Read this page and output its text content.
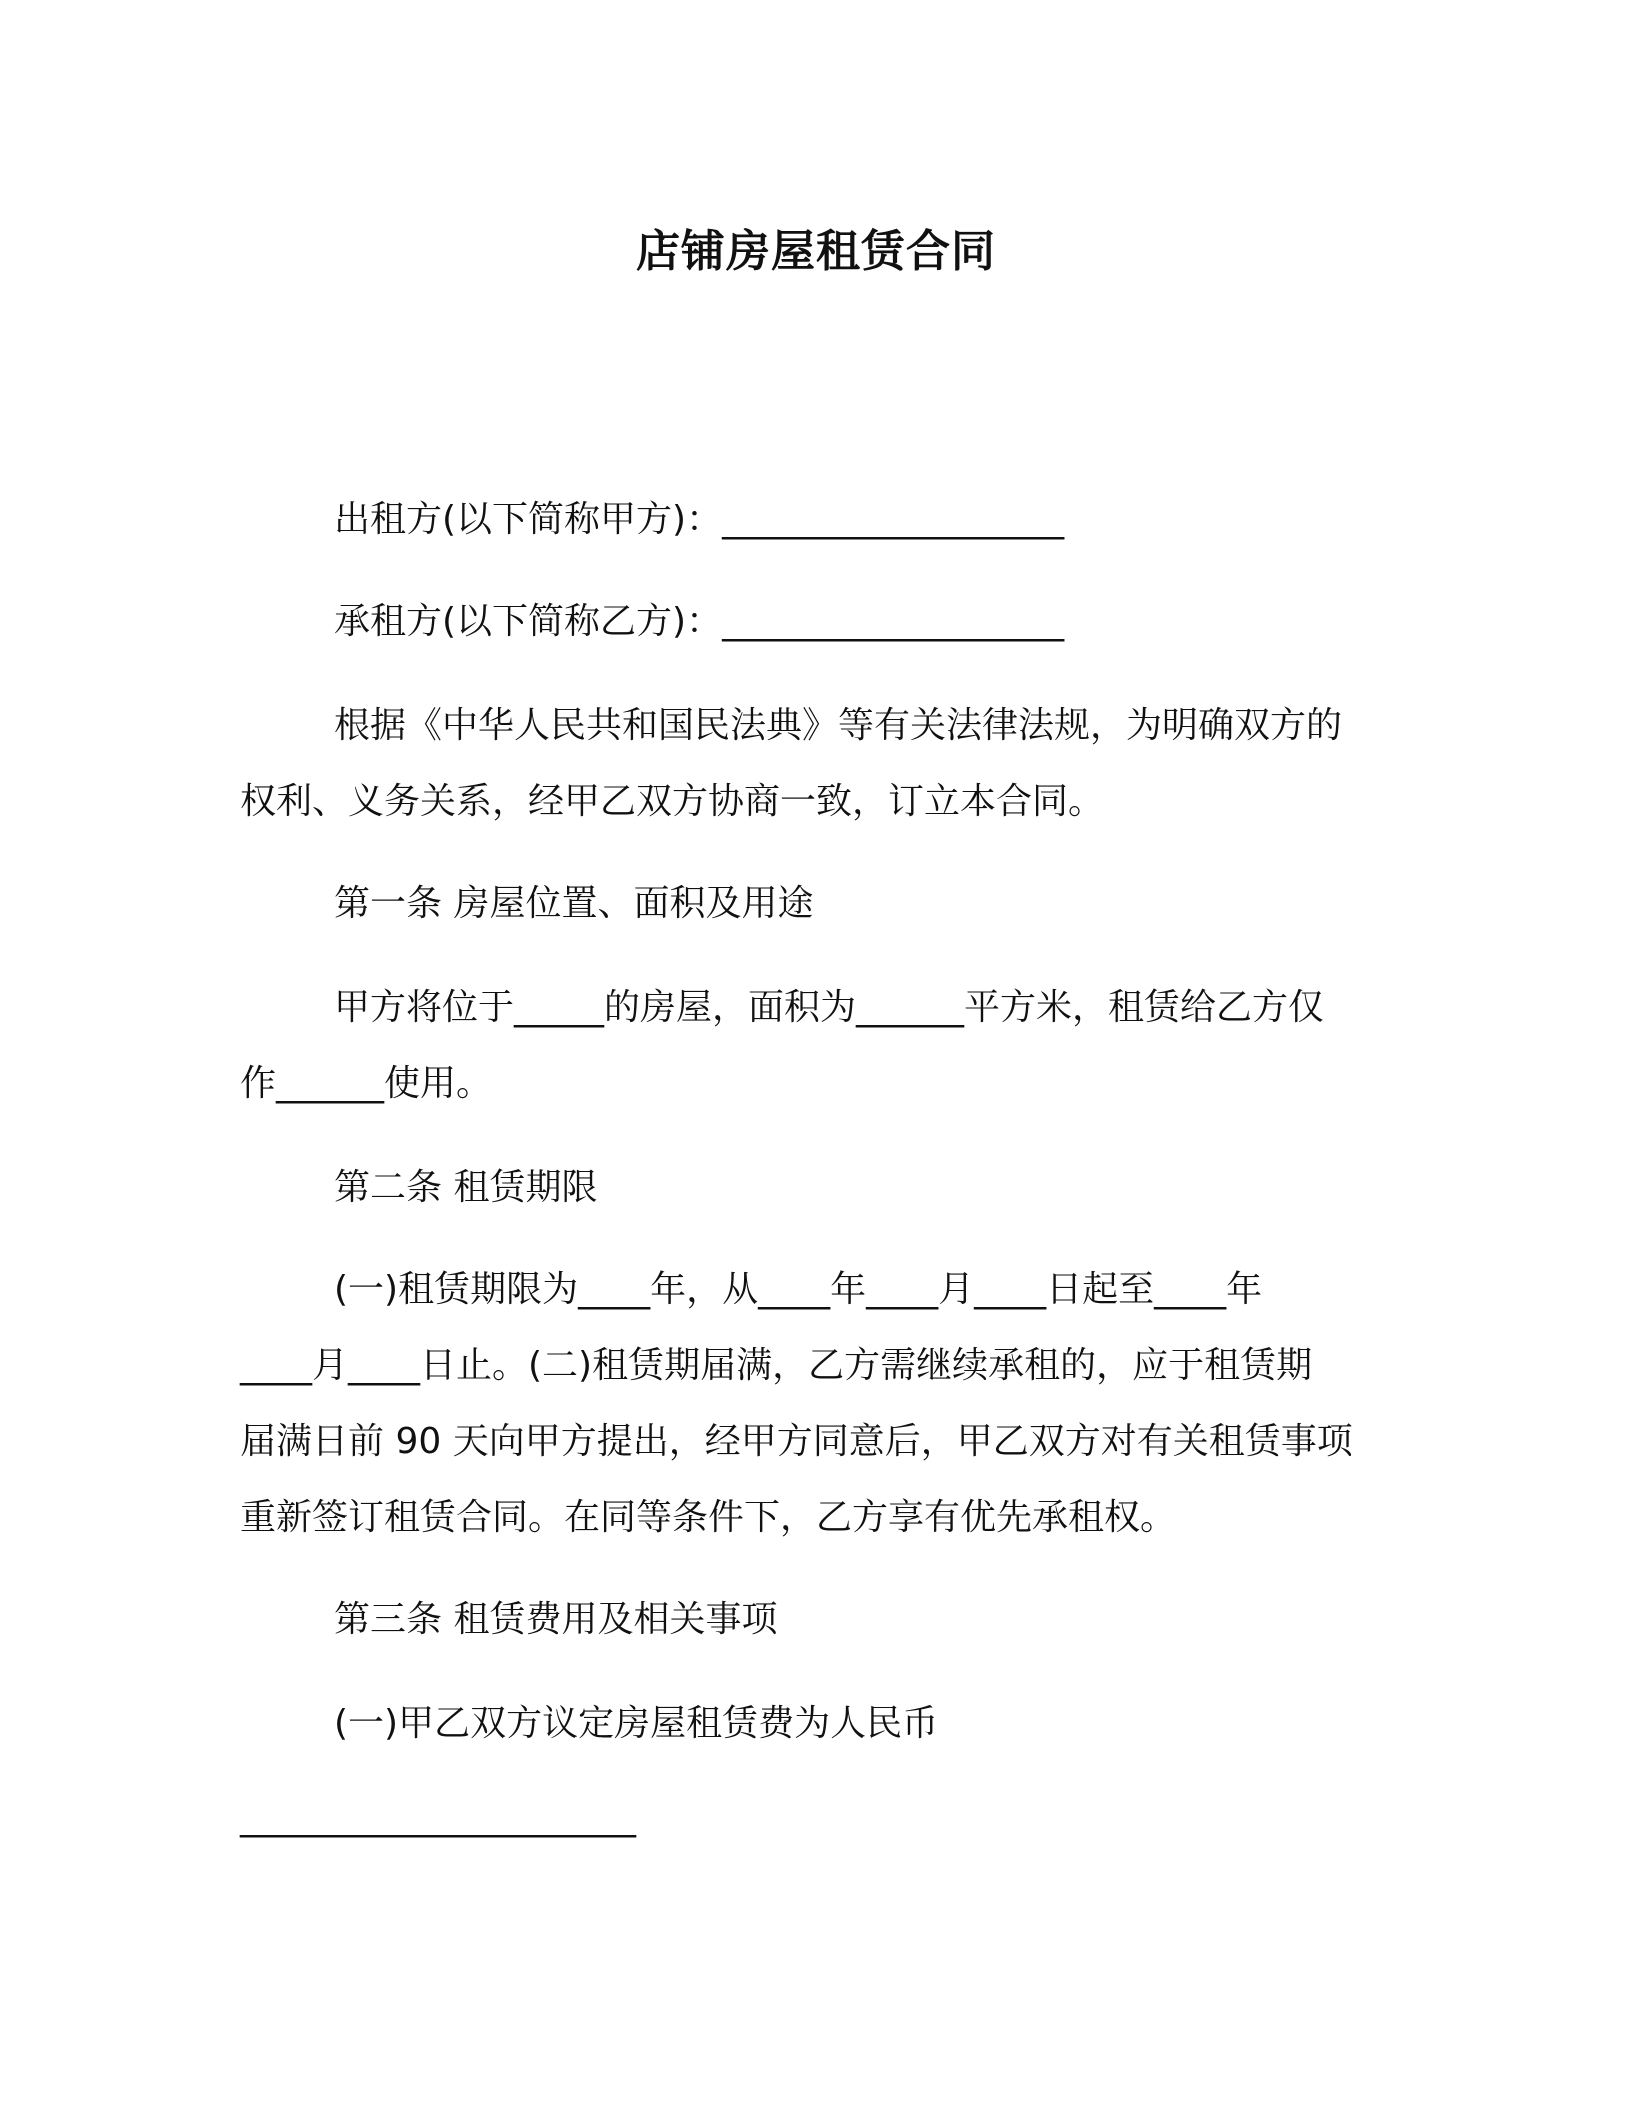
店铺房屋租赁合同

出租方(以下简称甲方)：___________________

承租方(以下简称乙方)：___________________

根据《中华人民共和国民法典》等有关法律法规，为明确双方的

权利、义务关系，经甲乙双方协商一致，订立本合同。

第一条 房屋位置、面积及用途

甲方将位于_____的房屋，面积为______平方米，租赁给乙方仅

作______使用。

第二条 租赁期限

(一)租赁期限为____年，从____年____月____日起至____年

____月____日止。(二)租赁期届满，乙方需继续承租的，应于租赁期

届满日前 90 天向甲方提出，经甲方同意后，甲乙双方对有关租赁事项

重新签订租赁合同。在同等条件下，乙方享有优先承租权。

第三条 租赁费用及相关事项

(一)甲乙双方议定房屋租赁费为人民币

______________________
